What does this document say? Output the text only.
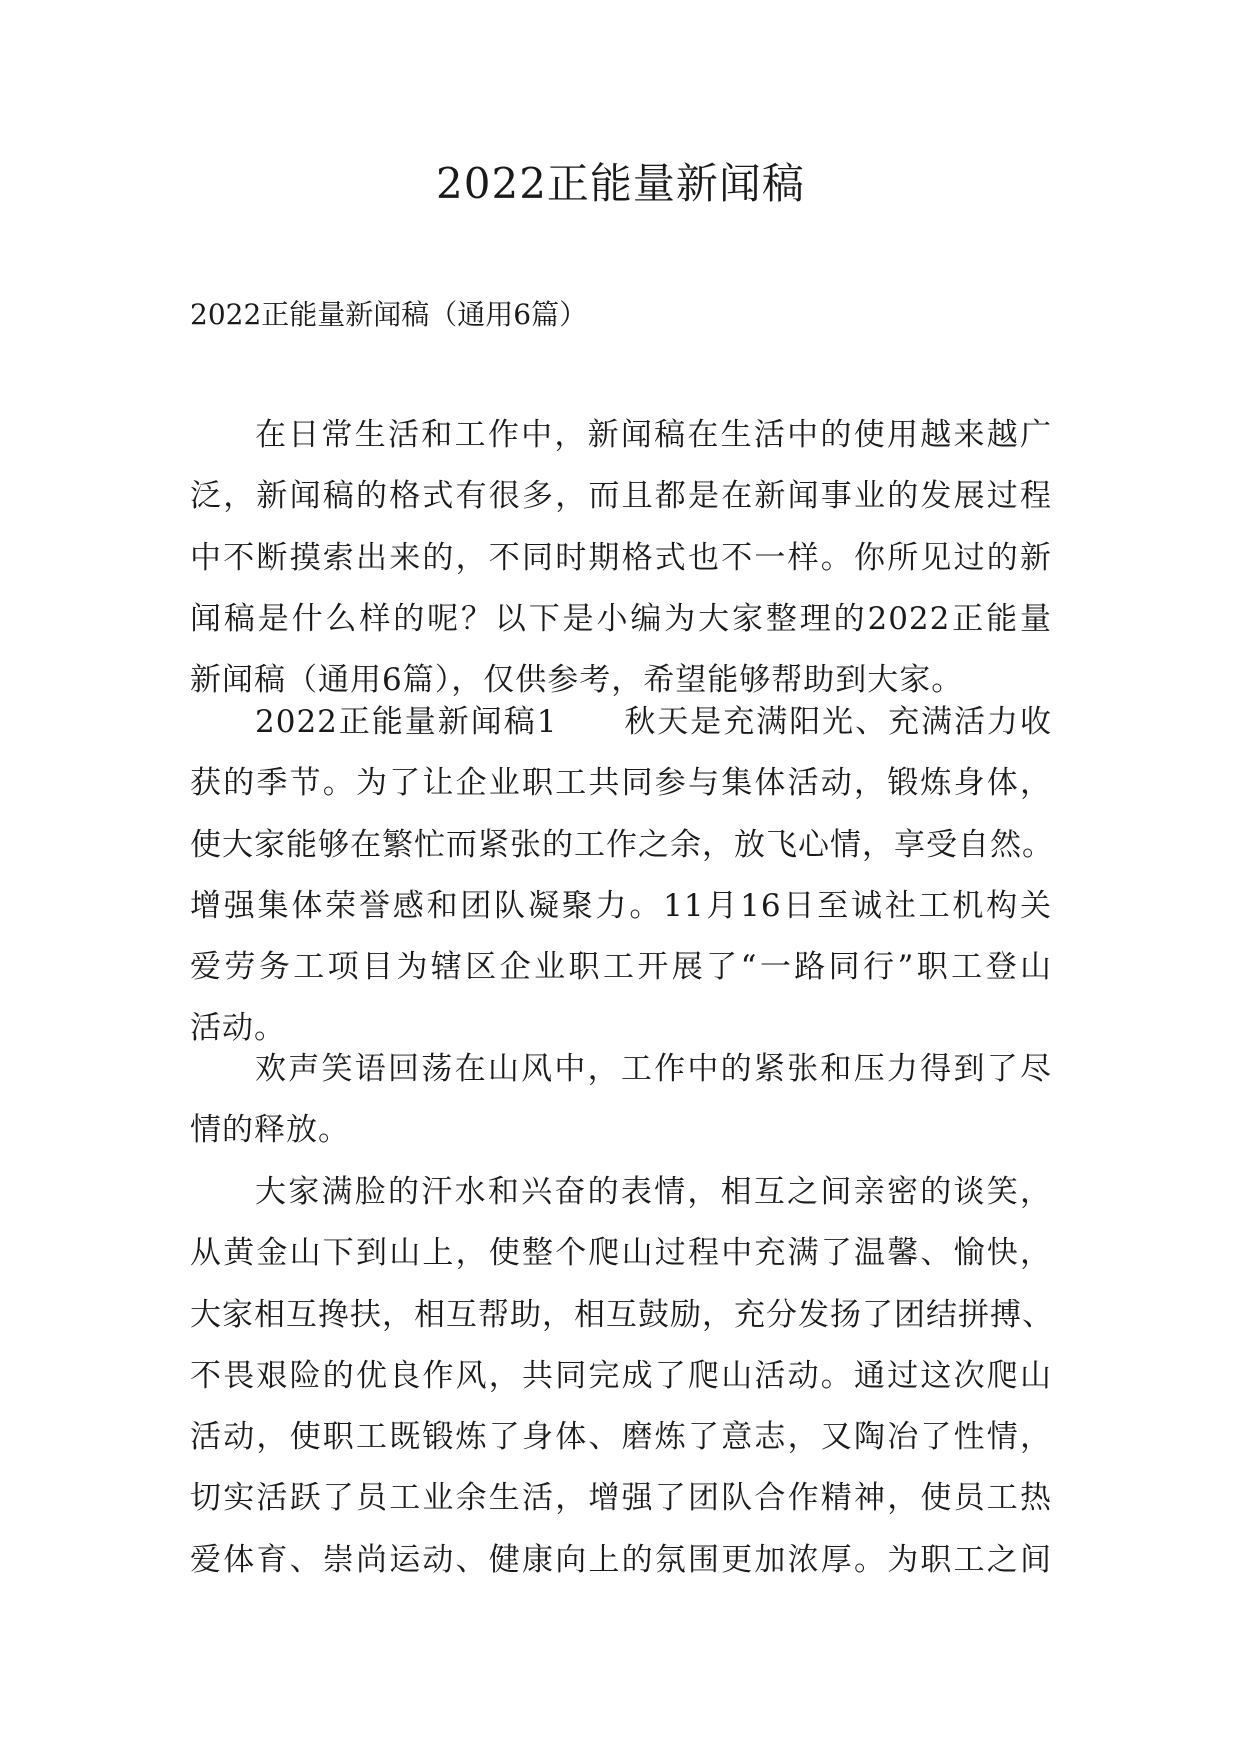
2022正能量新闻稿

2022正能量新闻稿（通用6篇）

在日常生活和工作中，新闻稿在生活中的使用越来越广
泛，新闻稿的格式有很多，而且都是在新闻事业的发展过程
中不断摸索出来的，不同时期格式也不一样。你所见过的新
闻稿是什么样的呢？以下是小编为大家整理的2022正能量
新闻稿（通用6篇），仅供参考，希望能够帮助到大家。

2022正能量新闻稿1　　秋天是充满阳光、充满活力收
获的季节。为了让企业职工共同参与集体活动，锻炼身体，
使大家能够在繁忙而紧张的工作之余，放飞心情，享受自然。
增强集体荣誉感和团队凝聚力。11月16日至诚社工机构关
爱劳务工项目为辖区企业职工开展了“一路同行”职工登山
活动。

欢声笑语回荡在山风中，工作中的紧张和压力得到了尽
情的释放。

大家满脸的汗水和兴奋的表情，相互之间亲密的谈笑，
从黄金山下到山上，使整个爬山过程中充满了温馨、愉快，
大家相互搀扶，相互帮助，相互鼓励，充分发扬了团结拼搏、
不畏艰险的优良作风，共同完成了爬山活动。通过这次爬山
活动，使职工既锻炼了身体、磨炼了意志，又陶冶了性情，
切实活跃了员工业余生活，增强了团队合作精神，使员工热
爱体育、崇尚运动、健康向上的氛围更加浓厚。为职工之间
